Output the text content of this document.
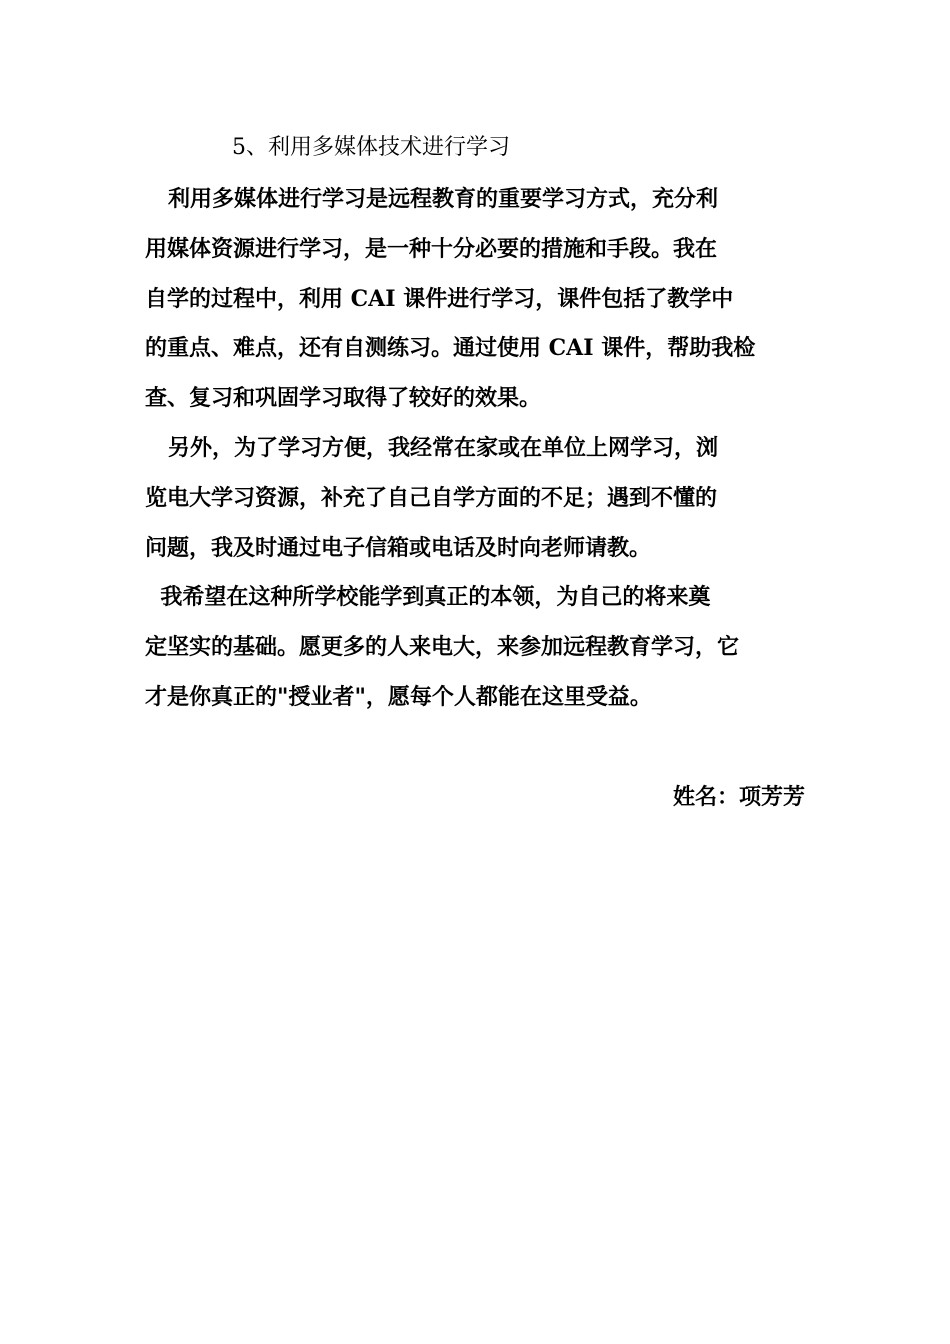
5、利用多媒体技术进行学习
利用多媒体进行学习是远程教育的重要学习方式，充分利
用媒体资源进行学习，是一种十分必要的措施和手段。我在
自学的过程中，利用 CAI 课件进行学习，课件包括了教学中
的重点、难点，还有自测练习。通过使用 CAI 课件，帮助我检
查、复习和巩固学习取得了较好的效果。
另外，为了学习方便，我经常在家或在单位上网学习，浏
览电大学习资源，补充了自己自学方面的不足；遇到不懂的
问题，我及时通过电子信箱或电话及时向老师请教。
我希望在这种所学校能学到真正的本领，为自己的将来奠
定坚实的基础。愿更多的人来电大，来参加远程教育学习，它
才是你真正的"授业者"，愿每个人都能在这里受益。
姓名：项芳芳
